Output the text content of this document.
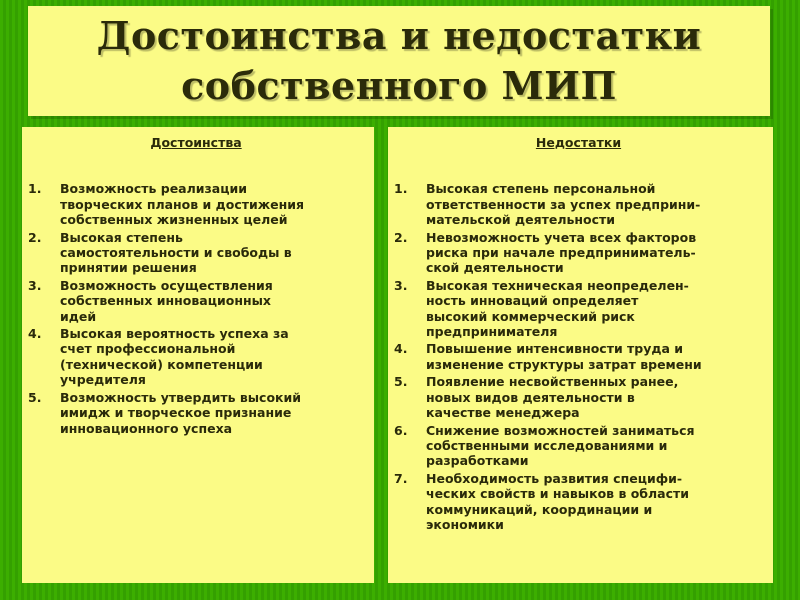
Достоинства и недостатки
собственного МИП
Достоинства
1.	Возможность реализации
творческих планов и достижения
собственных жизненных целей
2.	Высокая степень
самостоятельности и свободы в
принятии решения
3.	Возможность осуществления
собственных инновационных
идей
4.	Высокая вероятность успеха за
счет профессиональной
(технической) компетенции
учредителя
5.	Возможность утвердить высокий
имидж и творческое признание
инновационного успеха
Недостатки
1.	Высокая степень персональной
ответственности за успех предприни-
мательской деятельности
2.	Невозможность учета всех факторов
риска при начале предприниматель-
ской деятельности
3.	Высокая техническая неопределен-
ность инноваций определяет
высокий коммерческий риск
предпринимателя
4.	Повышение интенсивности труда и
изменение структуры затрат времени
5.	Появление несвойственных ранее,
новых видов деятельности в
качестве менеджера
6.	Снижение возможностей заниматься
собственными исследованиями и
разработками
7.	Необходимость развития специфи-
ческих свойств и навыков в области
коммуникаций, координации и
экономики
